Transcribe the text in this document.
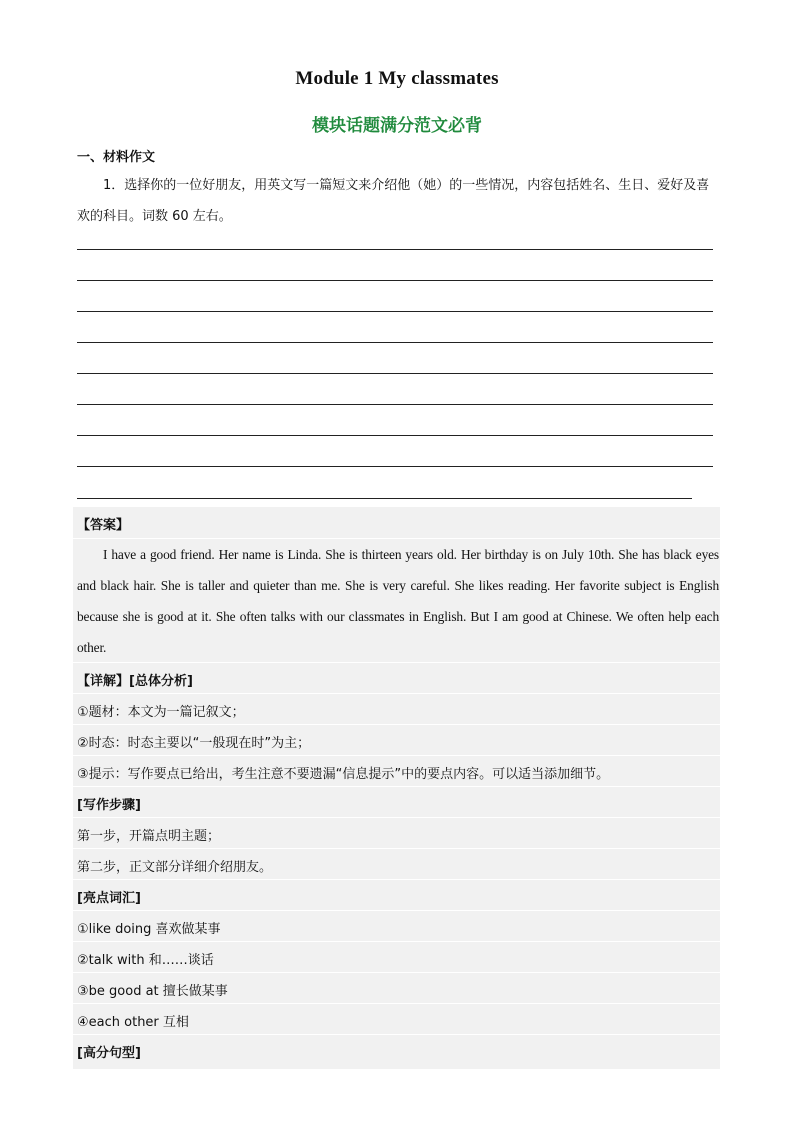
Module 1 My classmates
模块话题满分范文必背
一、材料作文
1．选择你的一位好朋友，用英文写一篇短文来介绍他（她）的一些情况，内容包括姓名、生日、爱好及喜欢的科目。词数 60 左右。
【答案】
I have a good friend. Her name is Linda. She is thirteen years old. Her birthday is on July 10th. She has black eyes and black hair. She is taller and quieter than me. She is very careful. She likes reading. Her favorite subject is English because she is good at it. She often talks with our classmates in English. But I am good at Chinese. We often help each other.
【详解】[总体分析]
①题材：本文为一篇记叙文；
②时态：时态主要以“一般现在时”为主；
③提示：写作要点已给出，考生注意不要遗漏“信息提示”中的要点内容。可以适当添加细节。
[写作步骤]
第一步，开篇点明主题；
第二步，正文部分详细介绍朋友。
[亮点词汇]
①like doing 喜欢做某事
②talk with 和……谈话
③be good at 擅长做某事
④each other 互相
[高分句型]
